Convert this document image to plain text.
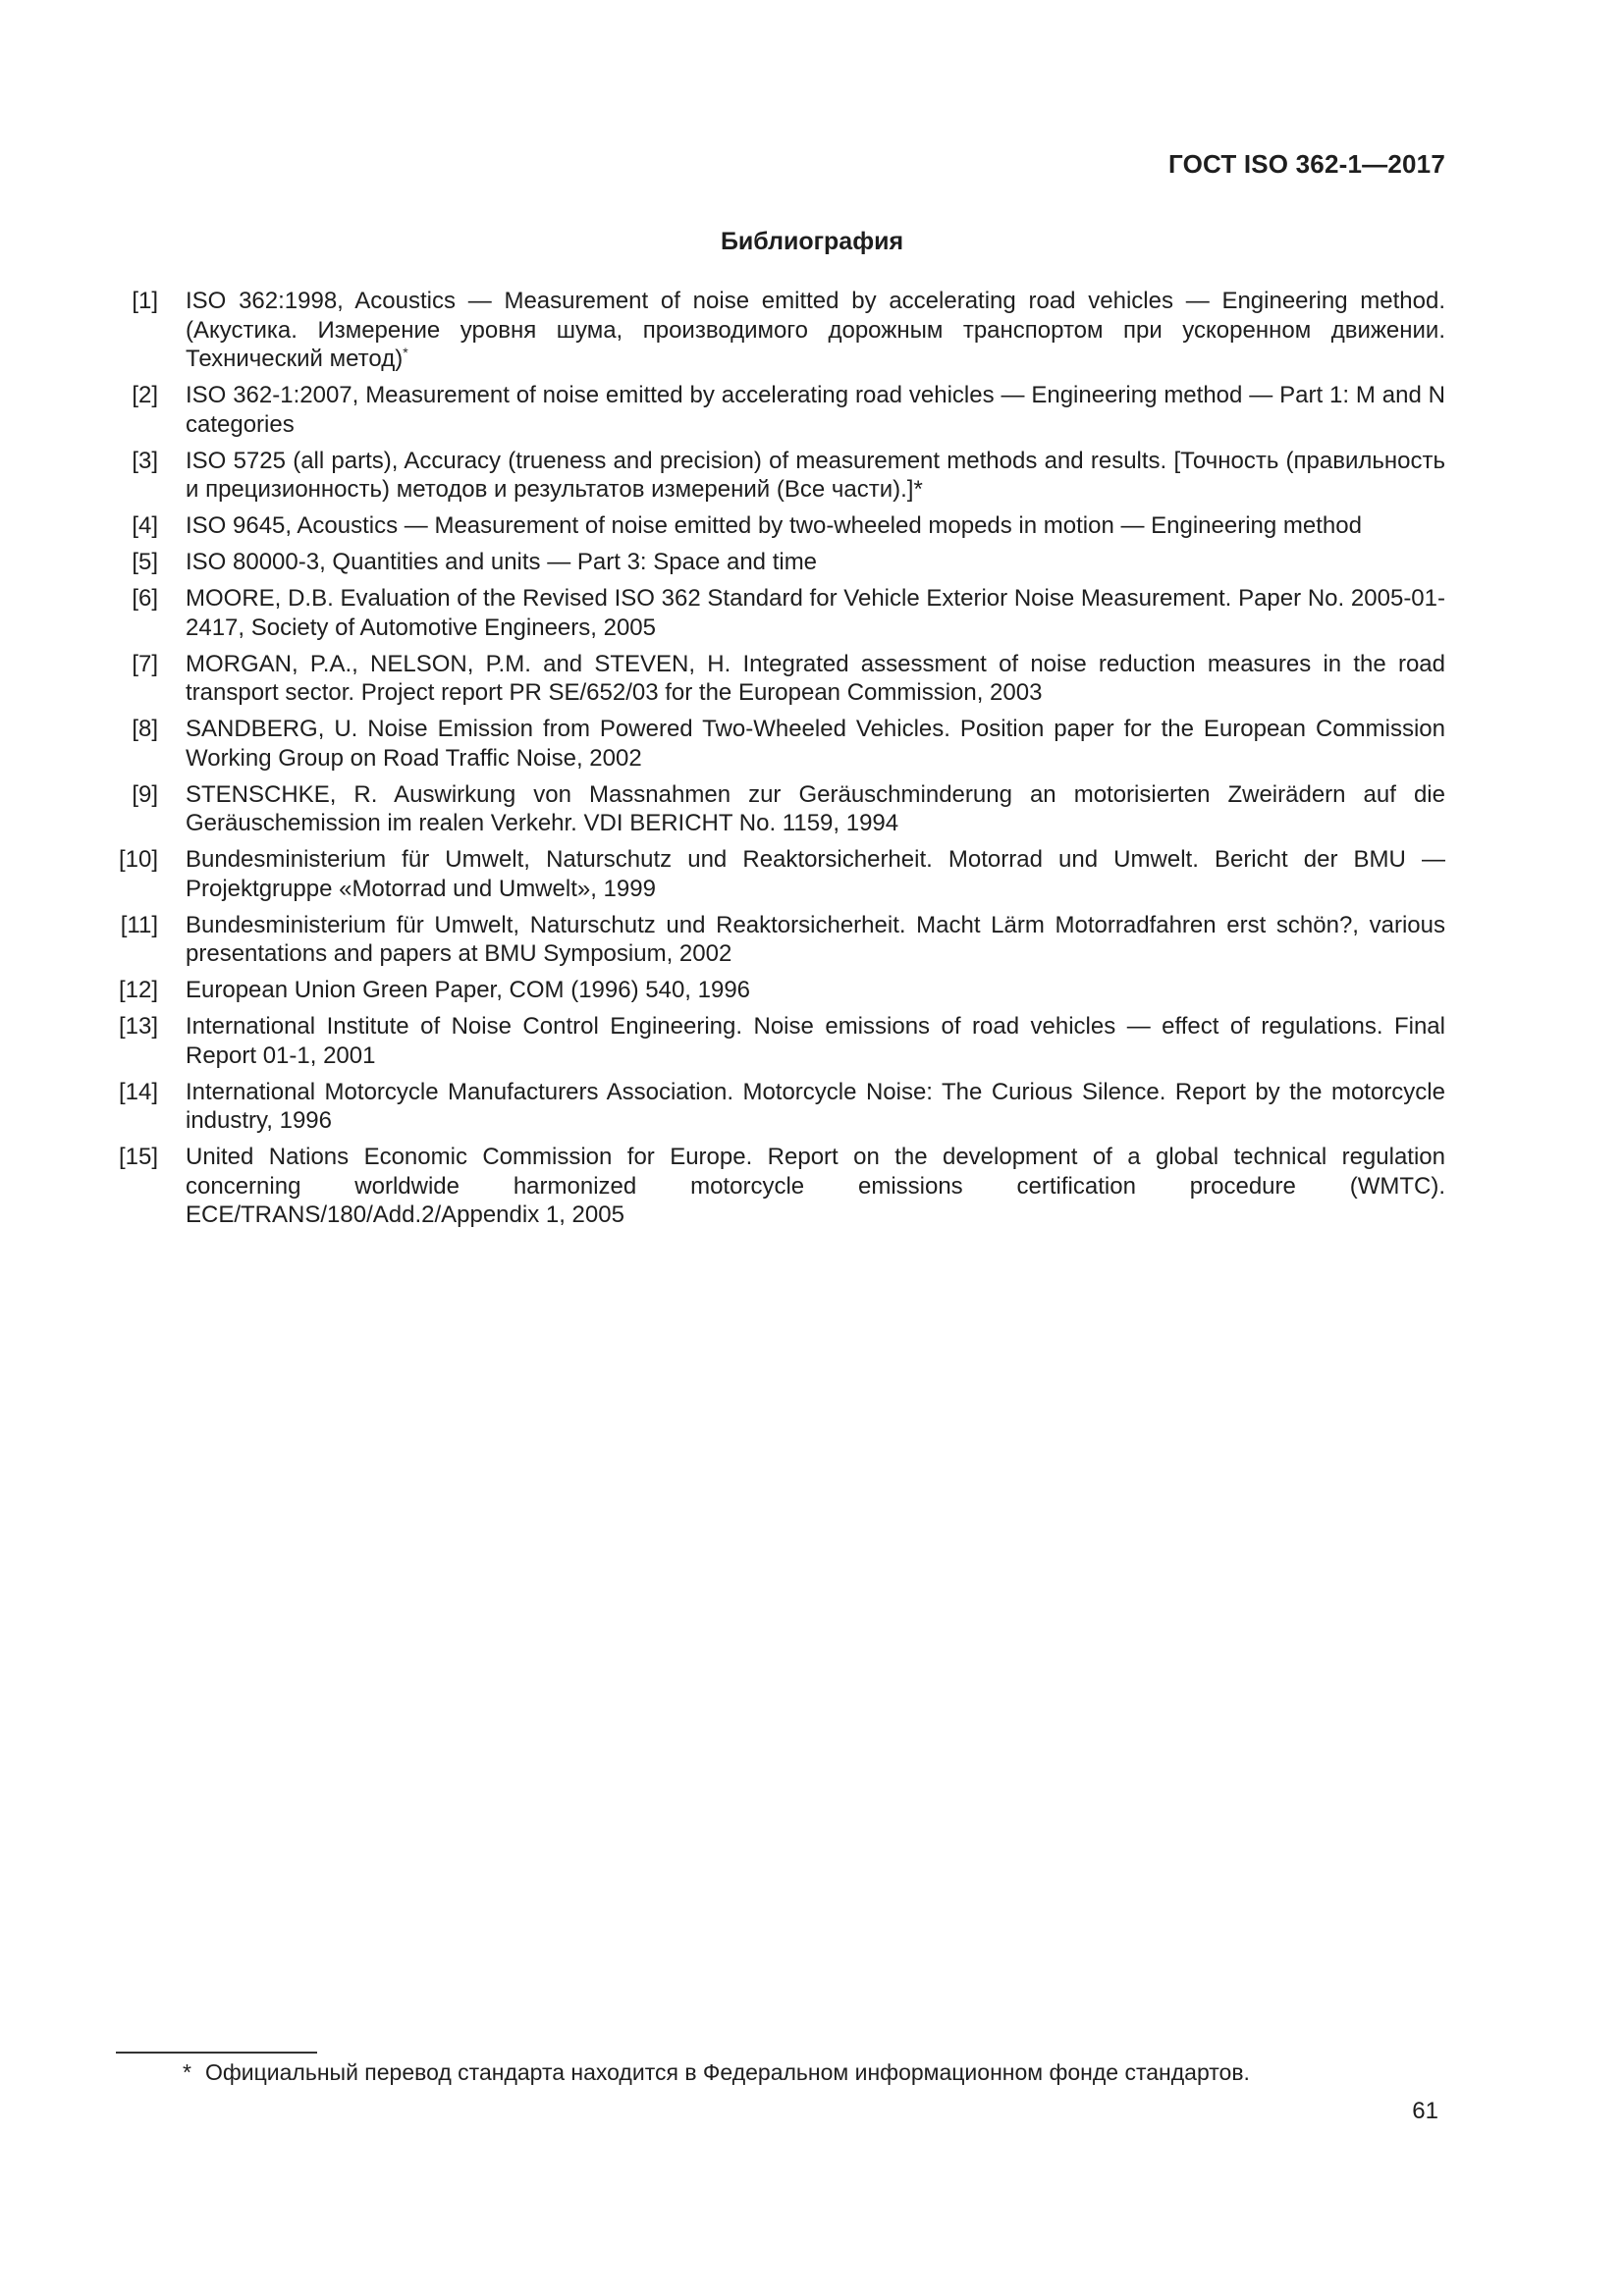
ГОСТ ISO 362-1—2017
Библиография
[1]	ISO 362:1998, Acoustics — Measurement of noise emitted by accelerating road vehicles — Engineering method. (Акустика. Измерение уровня шума, производимого дорожным транспортом при ускоренном движении. Технический метод)*
[2]	ISO 362-1:2007, Measurement of noise emitted by accelerating road vehicles — Engineering method — Part 1: M and N categories
[3]	ISO 5725 (all parts), Accuracy (trueness and precision) of measurement methods and results. [Точность (правильность и прецизионность) методов и результатов измерений (Все части).]*
[4]	ISO 9645, Acoustics — Measurement of noise emitted by two-wheeled mopeds in motion — Engineering method
[5]	ISO 80000-3, Quantities and units — Part 3: Space and time
[6]	MOORE, D.B. Evaluation of the Revised ISO 362 Standard for Vehicle Exterior Noise Measurement. Paper No. 2005-01-2417, Society of Automotive Engineers, 2005
[7]	MORGAN, P.A., NELSON, P.M. and STEVEN, H. Integrated assessment of noise reduction measures in the road transport sector. Project report PR SE/652/03 for the European Commission, 2003
[8]	SANDBERG, U. Noise Emission from Powered Two-Wheeled Vehicles. Position paper for the European Commission Working Group on Road Traffic Noise, 2002
[9]	STENSCHKE, R. Auswirkung von Massnahmen zur Geräuschminderung an motorisierten Zweirädern auf die Geräuschemission im realen Verkehr. VDI BERICHT No. 1159, 1994
[10]	Bundesministerium für Umwelt, Naturschutz und Reaktorsicherheit. Motorrad und Umwelt. Bericht der BMU — Projektgruppe «Motorrad und Umwelt», 1999
[11]	Bundesministerium für Umwelt, Naturschutz und Reaktorsicherheit. Macht Lärm Motorradfahren erst schön?, various presentations and papers at BMU Symposium, 2002
[12]	European Union Green Paper, COM (1996) 540, 1996
[13]	International Institute of Noise Control Engineering. Noise emissions of road vehicles — effect of regulations. Final Report 01-1, 2001
[14]	International Motorcycle Manufacturers Association. Motorcycle Noise: The Curious Silence. Report by the motorcycle industry, 1996
[15]	United Nations Economic Commission for Europe. Report on the development of a global technical regulation concerning worldwide harmonized motorcycle emissions certification procedure (WMTC). ECE/TRANS/180/Add.2/Appendix 1, 2005
* Официальный перевод стандарта находится в Федеральном информационном фонде стандартов.
61
